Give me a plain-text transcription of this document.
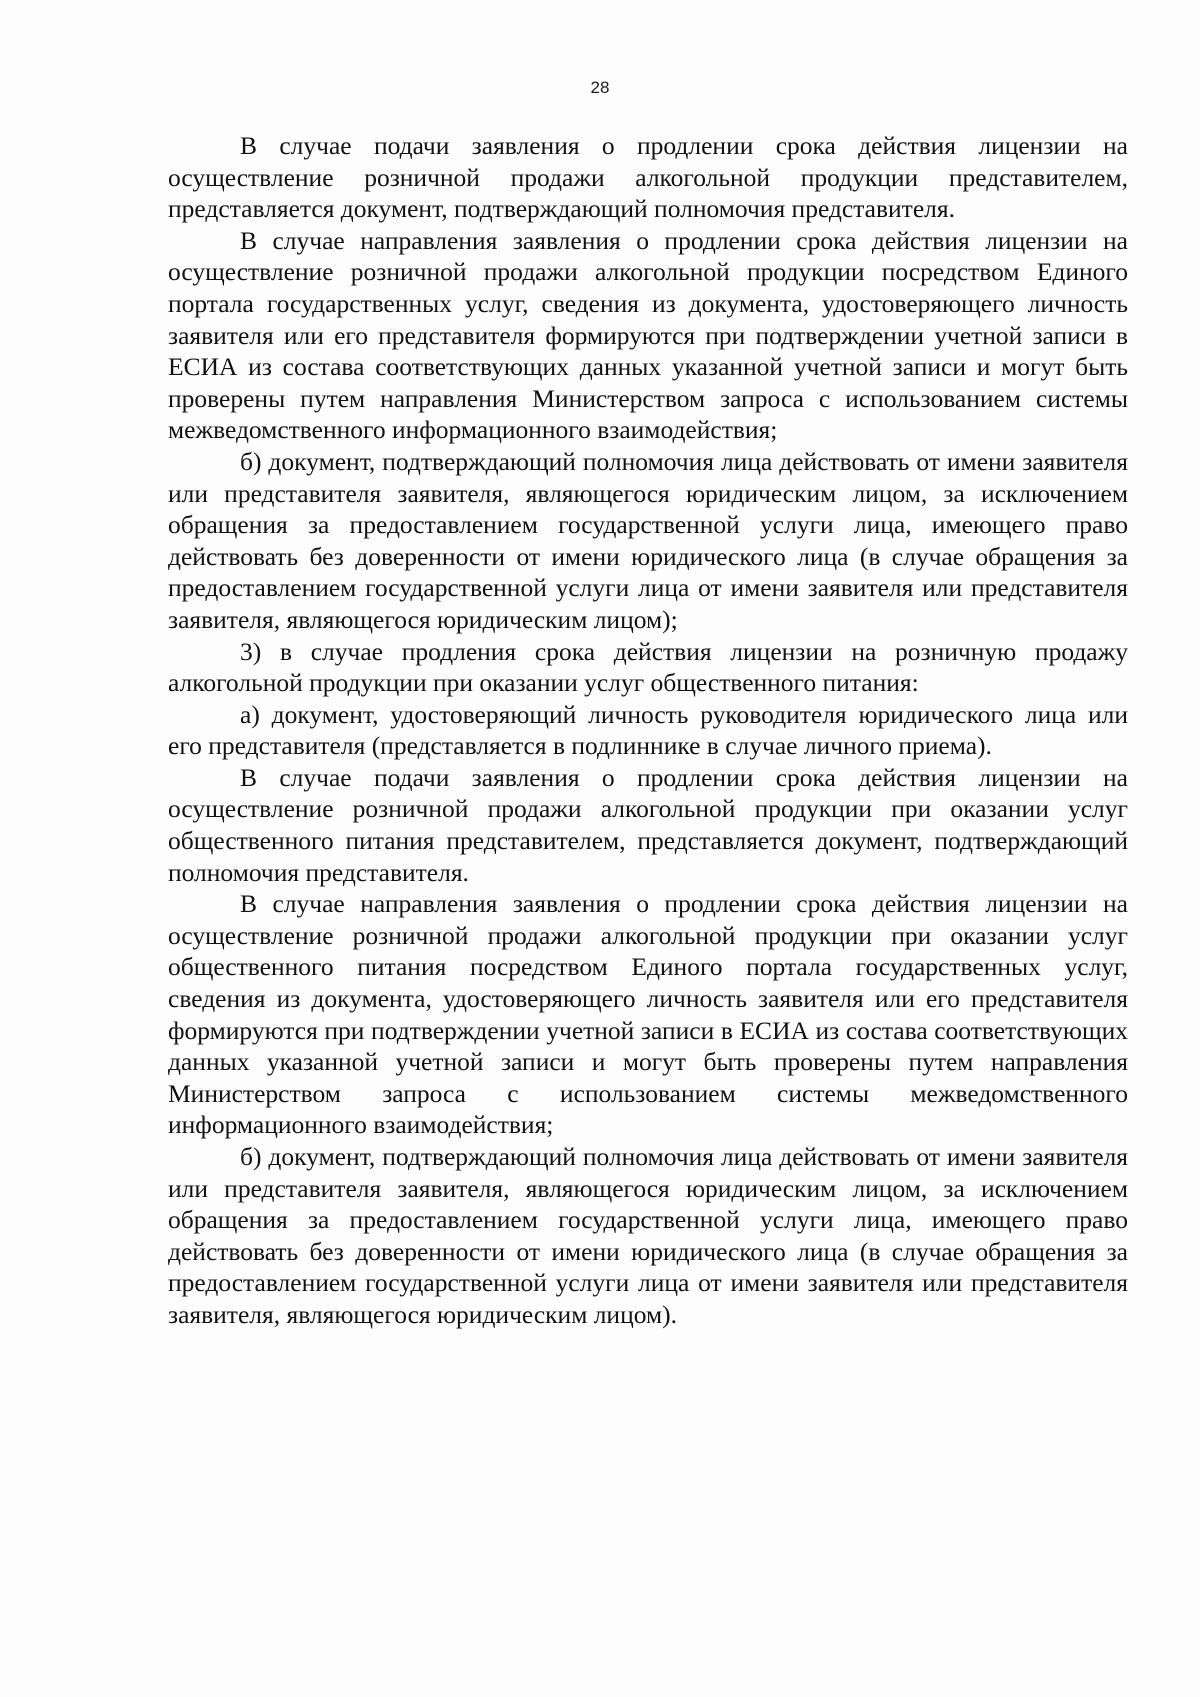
28

В случае подачи заявления о продлении срока действия лицензии на осуществление розничной продажи алкогольной продукции представителем, представляется документ, подтверждающий полномочия представителя.

В случае направления заявления о продлении срока действия лицензии на осуществление розничной продажи алкогольной продукции посредством Единого портала государственных услуг, сведения из документа, удостоверяющего личность заявителя или его представителя формируются при подтверждении учетной записи в ЕСИА из состава соответствующих данных указанной учетной записи и могут быть проверены путем направления Министерством запроса с использованием системы межведомственного информационного взаимодействия;

б) документ, подтверждающий полномочия лица действовать от имени заявителя или представителя заявителя, являющегося юридическим лицом, за исключением обращения за предоставлением государственной услуги лица, имеющего право действовать без доверенности от имени юридического лица (в случае обращения за предоставлением государственной услуги лица от имени заявителя или представителя заявителя, являющегося юридическим лицом);

3) в случае продления срока действия лицензии на розничную продажу алкогольной продукции при оказании услуг общественного питания:

а) документ, удостоверяющий личность руководителя юридического лица или его представителя (представляется в подлиннике в случае личного приема).

В случае подачи заявления о продлении срока действия лицензии на осуществление розничной продажи алкогольной продукции при оказании услуг общественного питания представителем, представляется документ, подтверждающий полномочия представителя.

В случае направления заявления о продлении срока действия лицензии на осуществление розничной продажи алкогольной продукции при оказании услуг общественного питания посредством Единого портала государственных услуг, сведения из документа, удостоверяющего личность заявителя или его представителя формируются при подтверждении учетной записи в ЕСИА из состава соответствующих данных указанной учетной записи и могут быть проверены путем направления Министерством запроса с использованием системы межведомственного информационного взаимодействия;

б) документ, подтверждающий полномочия лица действовать от имени заявителя или представителя заявителя, являющегося юридическим лицом, за исключением обращения за предоставлением государственной услуги лица, имеющего право действовать без доверенности от имени юридического лица (в случае обращения за предоставлением государственной услуги лица от имени заявителя или представителя заявителя, являющегося юридическим лицом).
